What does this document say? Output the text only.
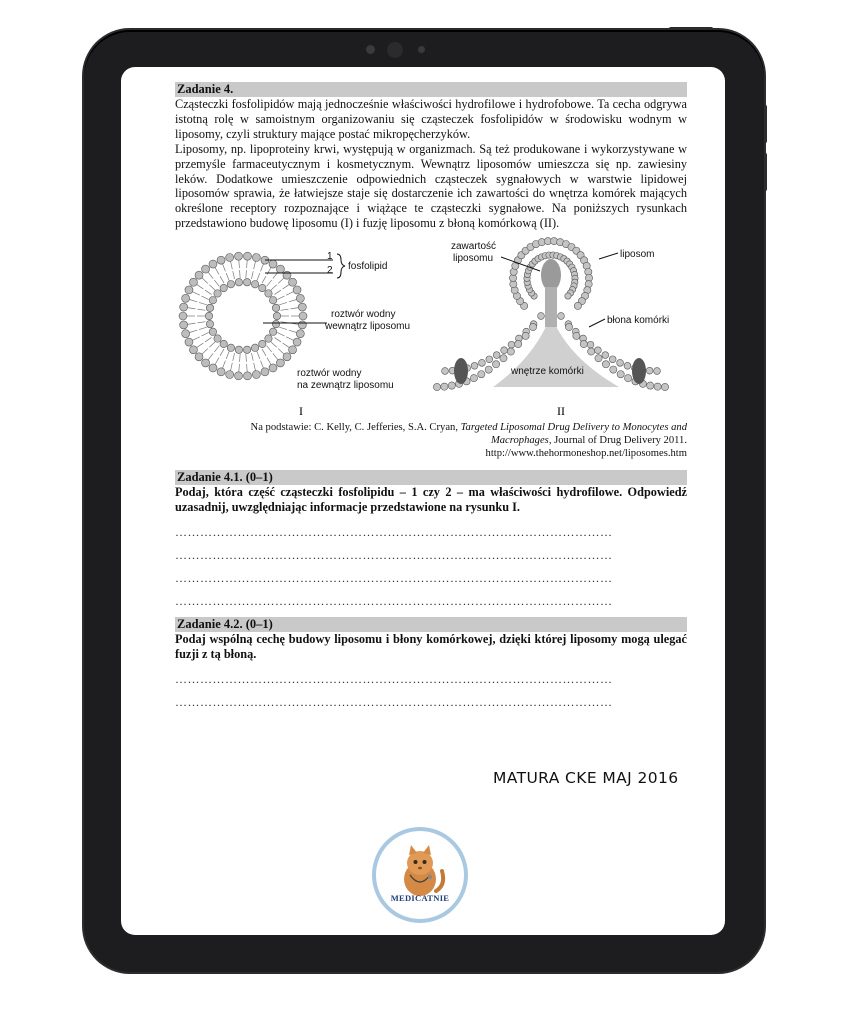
Zadanie 4.

Cząsteczki fosfolipidów mają jednocześnie właściwości hydrofilowe i hydrofobowe. Ta cecha odgrywa istotną rolę w samoistnym organizowaniu się cząsteczek fosfolipidów w środowisku wodnym w liposomy, czyli struktury mające postać mikropęcherzyków.

Liposomy, np. lipoproteiny krwi, występują w organizmach. Są też produkowane i wykorzystywane w przemyśle farmaceutycznym i kosmetycznym. Wewnątrz liposomów umieszcza się np. zawiesiny leków. Dodatkowe umieszczenie odpowiednich cząsteczek sygnałowych w warstwie lipidowej liposomów sprawia, że łatwiejsze staje się dostarczenie ich zawartości do wnętrza komórek mających określone receptory rozpoznające i wiążące te cząsteczki sygnałowe. Na poniższych rysunkach przedstawiono budowę liposomu (I) i fuzję liposomu z błoną komórkową (II).

1
2 fosfolipid
roztwór wodny
wewnątrz liposomu
roztwór wodny
na zewnątrz liposomu
I
zawartość
liposomu	liposom
błona komórki
wnętrze komórki
II
Na podstawie: C. Kelly, C. Jefferies, S.A. Cryan, Targeted Liposomal Drug Delivery to Monocytes and
Macrophages, Journal of Drug Delivery 2011.
http://www.thehormoneshop.net/liposomes.htm
Zadanie 4.1. (0–1)

Podaj, która część cząsteczki fosfolipidu – 1 czy 2 – ma właściwości hydrofilowe. Odpowiedź uzasadnij, uwzględniając informacje przedstawione na rysunku I.

……………………………………………………………………………………………

……………………………………………………………………………………………

……………………………………………………………………………………………

……………………………………………………………………………………………

Zadanie 4.2. (0–1)

Podaj wspólną cechę budowy liposomu i błony komórkowej, dzięki której liposomy mogą ulegać fuzji z tą błoną.

……………………………………………………………………………………………

……………………………………………………………………………………………

MATURA CKE MAJ 2016
MEDICATNIE
